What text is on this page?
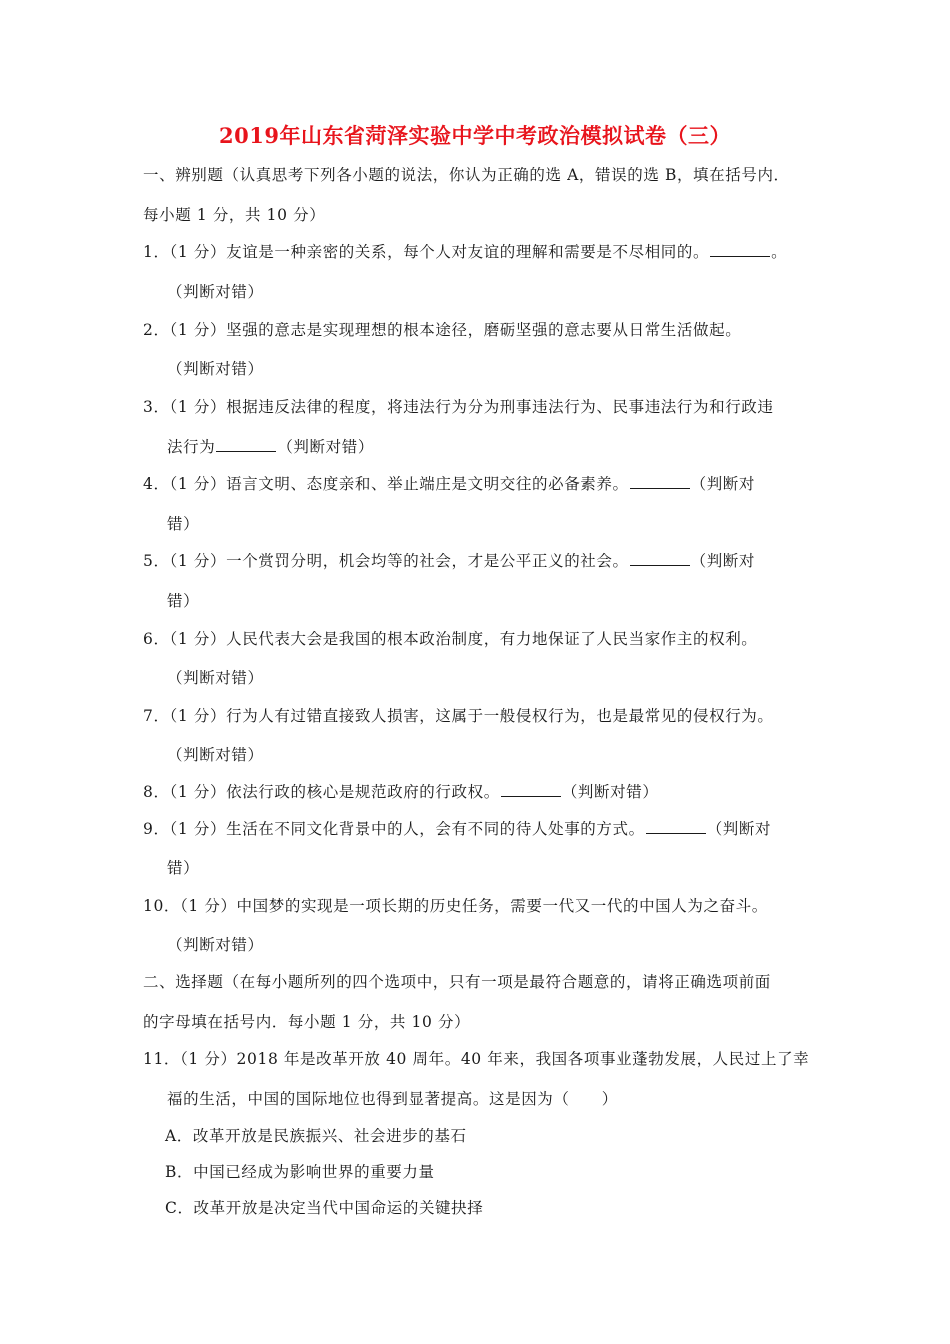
2019年山东省菏泽实验中学中考政治模拟试卷（三）
一、辨别题（认真思考下列各小题的说法，你认为正确的选 A，错误的选 B，填在括号内．
每小题 1 分，共 10 分）
1．（1 分）友谊是一种亲密的关系，每个人对友谊的理解和需要是不尽相同的。	。
（判断对错）
2．（1 分）坚强的意志是实现理想的根本途径，磨砺坚强的意志要从日常生活做起。
（判断对错）
3．（1 分）根据违反法律的程度，将违法行为分为刑事违法行为、民事违法行为和行政违
法行为	（判断对错）
4．（1 分）语言文明、态度亲和、举止端庄是文明交往的必备素养。	（判断对
错）
5．（1 分）一个赏罚分明，机会均等的社会，才是公平正义的社会。	（判断对
错）
6．（1 分）人民代表大会是我国的根本政治制度，有力地保证了人民当家作主的权利。
（判断对错）
7．（1 分）行为人有过错直接致人损害，这属于一般侵权行为，也是最常见的侵权行为。
（判断对错）
8．（1 分）依法行政的核心是规范政府的行政权。	（判断对错）
9．（1 分）生活在不同文化背景中的人，会有不同的待人处事的方式。	（判断对
错）
10．（1 分）中国梦的实现是一项长期的历史任务，需要一代又一代的中国人为之奋斗。
（判断对错）
二、选择题（在每小题所列的四个选项中，只有一项是最符合题意的，请将正确选项前面
的字母填在括号内．每小题 1 分，共 10 分）
11．（1 分）2018 年是改革开放 40 周年。40 年来，我国各项事业蓬勃发展，人民过上了幸
福的生活，中国的国际地位也得到显著提高。这是因为（　　）
A．改革开放是民族振兴、社会进步的基石
B．中国已经成为影响世界的重要力量
C．改革开放是决定当代中国命运的关键抉择
